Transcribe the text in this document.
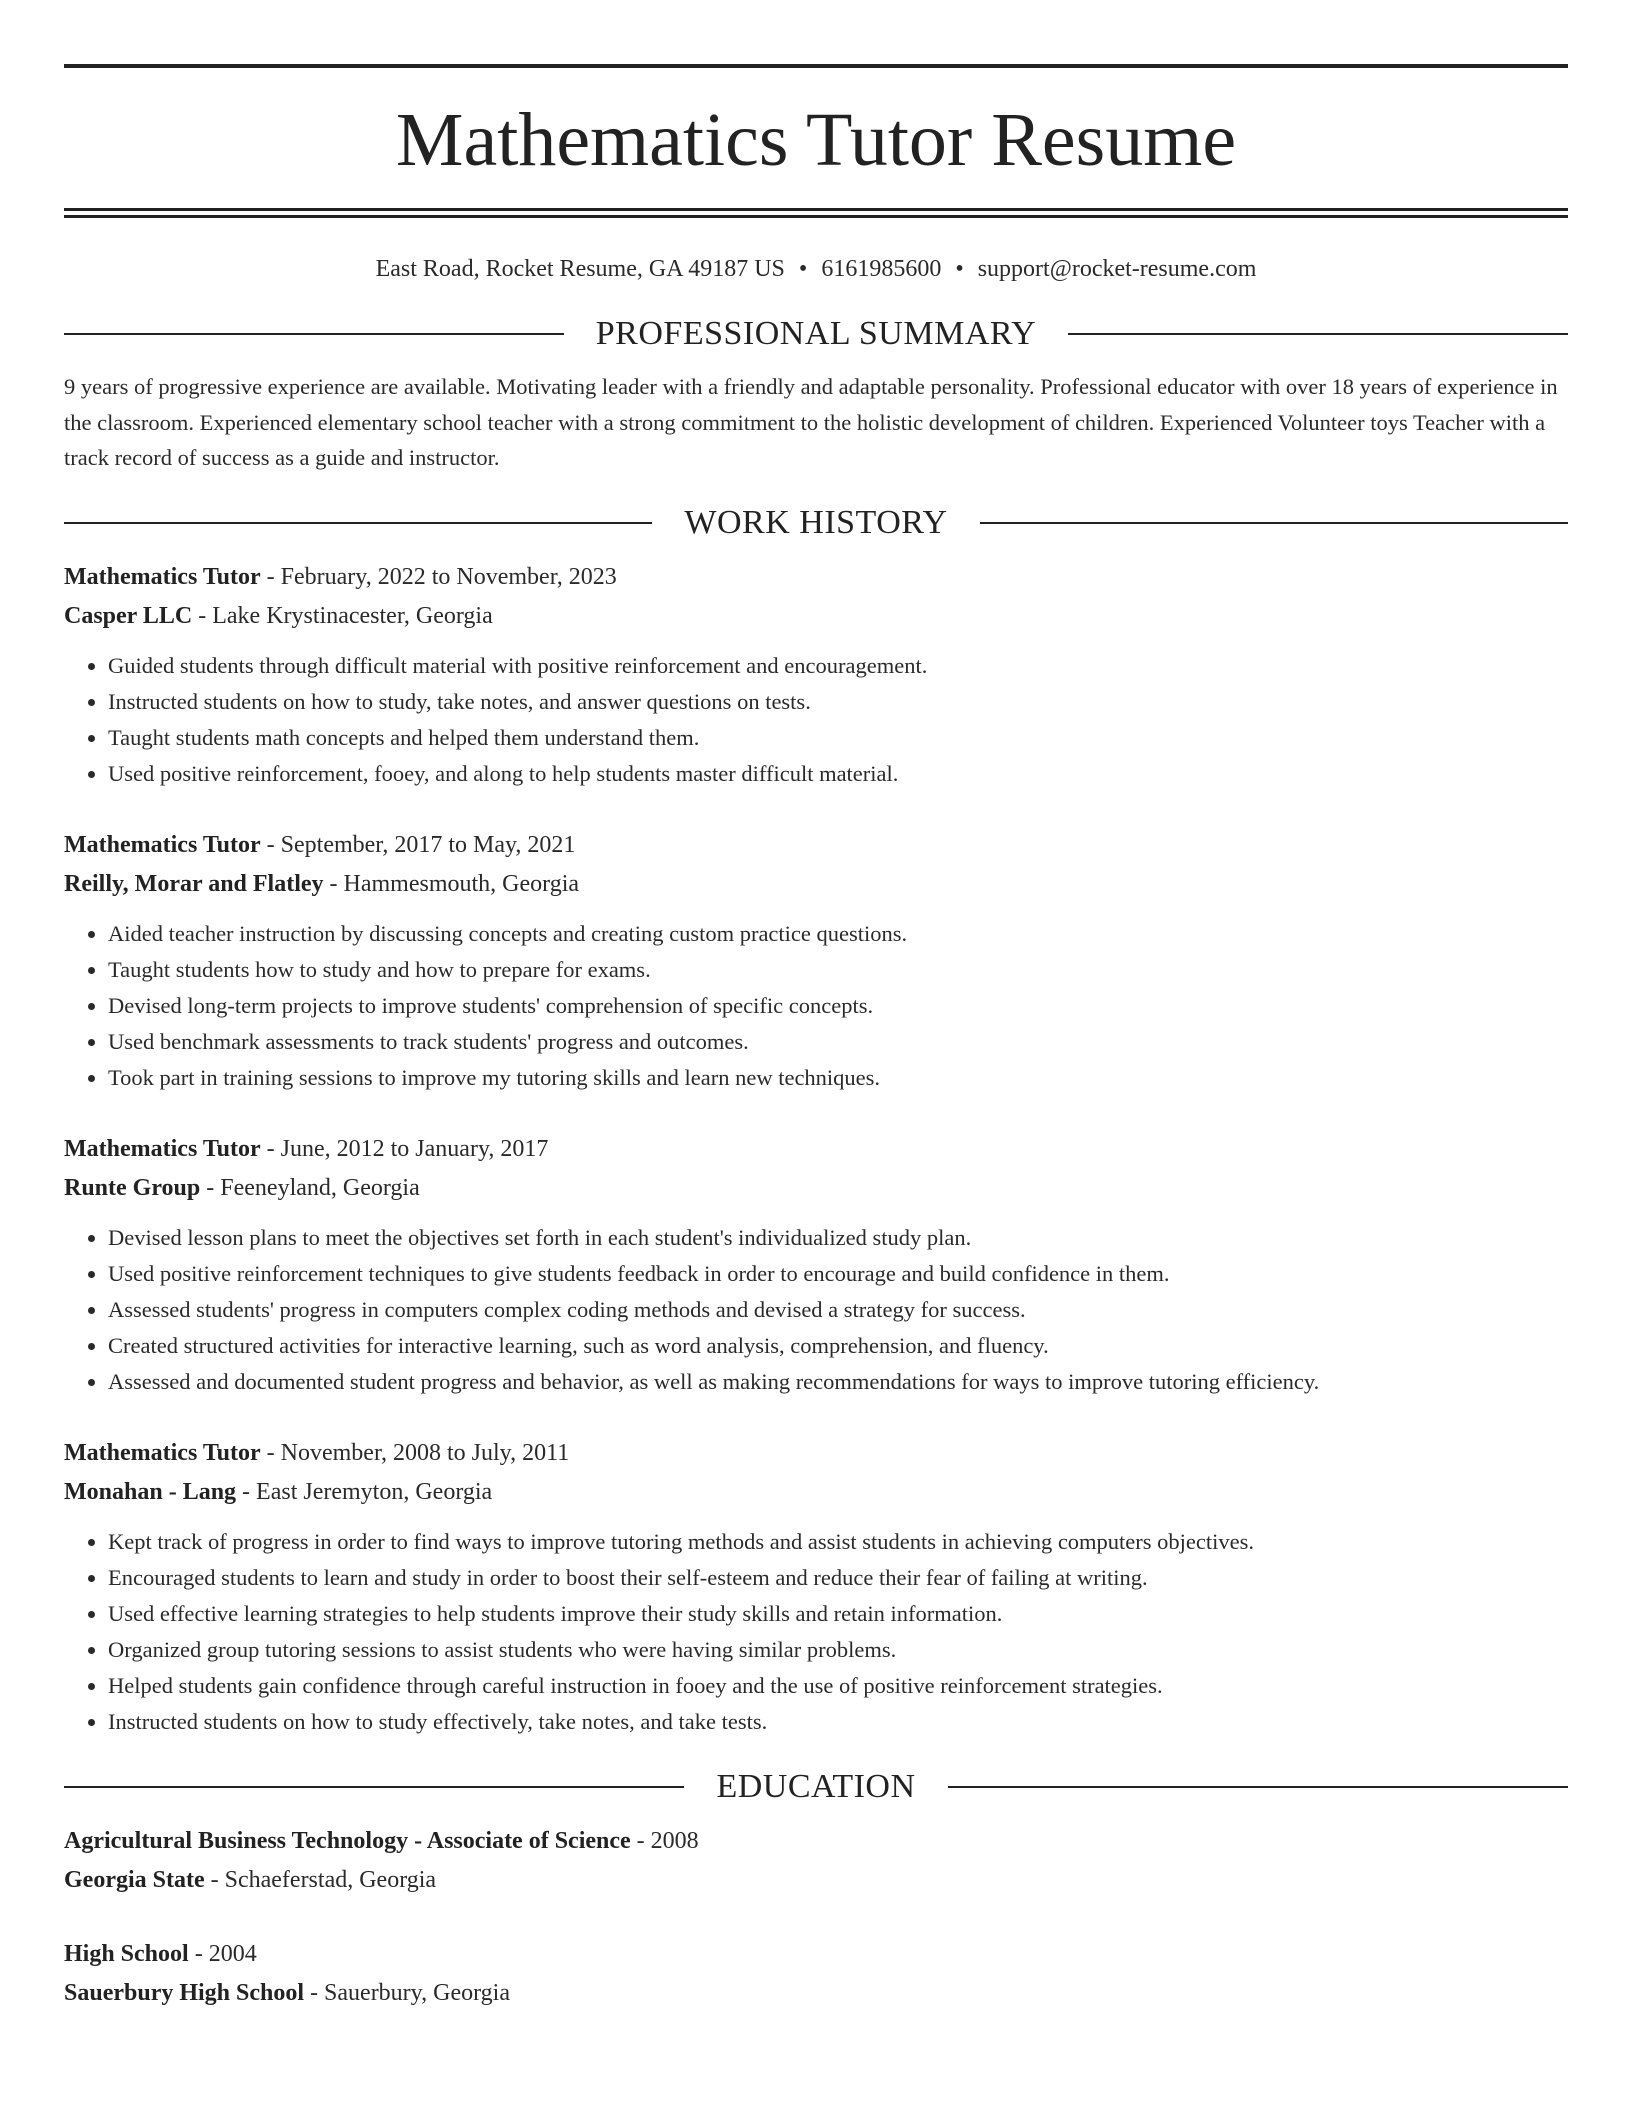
Mathematics Tutor Resume
East Road, Rocket Resume, GA 49187 US • 6161985600 • support@rocket-resume.com
PROFESSIONAL SUMMARY

9 years of progressive experience are available. Motivating leader with a friendly and adaptable personality. Professional educator with over 18 years of experience in the classroom. Experienced elementary school teacher with a strong commitment to the holistic development of children. Experienced Volunteer toys Teacher with a track record of success as a guide and instructor.

WORK HISTORY
Mathematics Tutor - February, 2022 to November, 2023
Casper LLC - Lake Krystinacester, Georgia
• Guided students through difficult material with positive reinforcement and encouragement.
• Instructed students on how to study, take notes, and answer questions on tests.
• Taught students math concepts and helped them understand them.
• Used positive reinforcement, fooey, and along to help students master difficult material.
Mathematics Tutor - September, 2017 to May, 2021
Reilly, Morar and Flatley - Hammesmouth, Georgia
• Aided teacher instruction by discussing concepts and creating custom practice questions.
• Taught students how to study and how to prepare for exams.
• Devised long-term projects to improve students' comprehension of specific concepts.
• Used benchmark assessments to track students' progress and outcomes.
• Took part in training sessions to improve my tutoring skills and learn new techniques.
Mathematics Tutor - June, 2012 to January, 2017
Runte Group - Feeneyland, Georgia
• Devised lesson plans to meet the objectives set forth in each student's individualized study plan.
• Used positive reinforcement techniques to give students feedback in order to encourage and build confidence in them.
• Assessed students' progress in computers complex coding methods and devised a strategy for success.
• Created structured activities for interactive learning, such as word analysis, comprehension, and fluency.
• Assessed and documented student progress and behavior, as well as making recommendations for ways to improve tutoring efficiency.
Mathematics Tutor - November, 2008 to July, 2011
Monahan - Lang - East Jeremyton, Georgia
• Kept track of progress in order to find ways to improve tutoring methods and assist students in achieving computers objectives.
• Encouraged students to learn and study in order to boost their self-esteem and reduce their fear of failing at writing.
• Used effective learning strategies to help students improve their study skills and retain information.
• Organized group tutoring sessions to assist students who were having similar problems.
• Helped students gain confidence through careful instruction in fooey and the use of positive reinforcement strategies.
• Instructed students on how to study effectively, take notes, and take tests.
EDUCATION
Agricultural Business Technology - Associate of Science - 2008
Georgia State - Schaeferstad, Georgia
High School - 2004
Sauerbury High School - Sauerbury, Georgia
